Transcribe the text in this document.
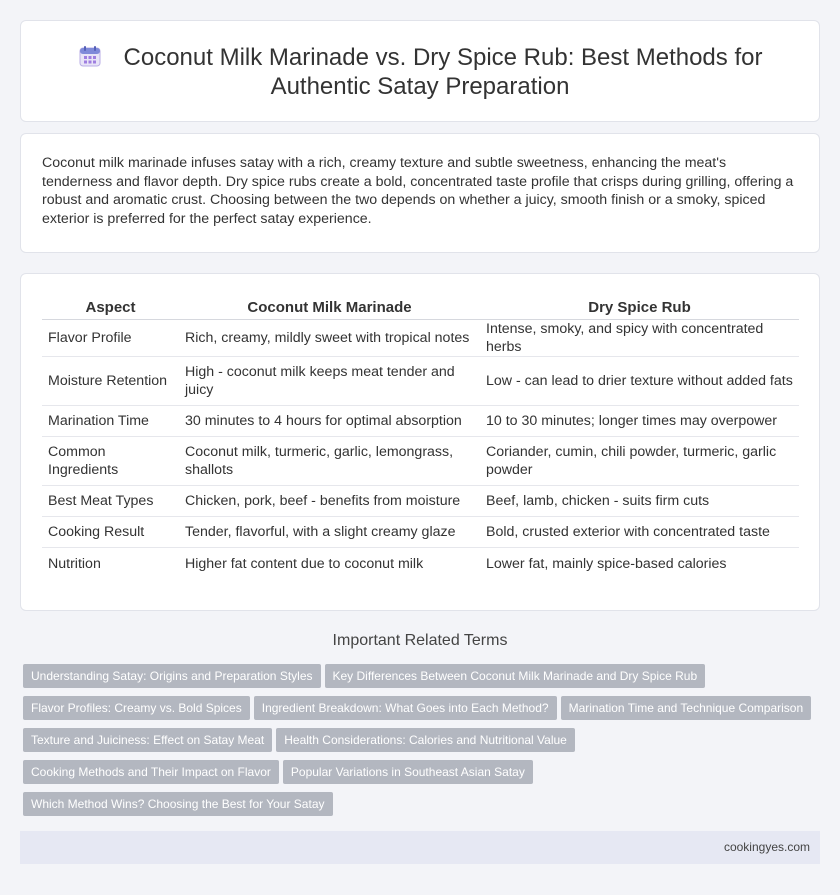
Coconut Milk Marinade vs. Dry Spice Rub: Best Methods for Authentic Satay Preparation

Coconut milk marinade infuses satay with a rich, creamy texture and subtle sweetness, enhancing the meat's tenderness and flavor depth. Dry spice rubs create a bold, concentrated taste profile that crisps during grilling, offering a robust and aromatic crust. Choosing between the two depends on whether a juicy, smooth finish or a smoky, spiced exterior is preferred for the perfect satay experience.

Aspect	Coconut Milk Marinade	Dry Spice Rub
Flavor Profile	Rich, creamy, mildly sweet with tropical notes	Intense, smoky, and spicy with concentrated herbs
Moisture Retention	High - coconut milk keeps meat tender and juicy	Low - can lead to drier texture without added fats
Marination Time	30 minutes to 4 hours for optimal absorption	10 to 30 minutes; longer times may overpower
Common Ingredients	Coconut milk, turmeric, garlic, lemongrass, shallots	Coriander, cumin, chili powder, turmeric, garlic powder
Best Meat Types	Chicken, pork, beef - benefits from moisture	Beef, lamb, chicken - suits firm cuts
Cooking Result	Tender, flavorful, with a slight creamy glaze	Bold, crusted exterior with concentrated taste
Nutrition	Higher fat content due to coconut milk	Lower fat, mainly spice-based calories
Important Related Terms
Understanding Satay: Origins and Preparation Styles Key Differences Between Coconut Milk Marinade and Dry Spice Rub
Flavor Profiles: Creamy vs. Bold Spices Ingredient Breakdown: What Goes into Each Method? Marination Time and Technique Comparison
Texture and Juiciness: Effect on Satay Meat Health Considerations: Calories and Nutritional Value
Cooking Methods and Their Impact on Flavor Popular Variations in Southeast Asian Satay
Which Method Wins? Choosing the Best for Your Satay
cookingyes.com
